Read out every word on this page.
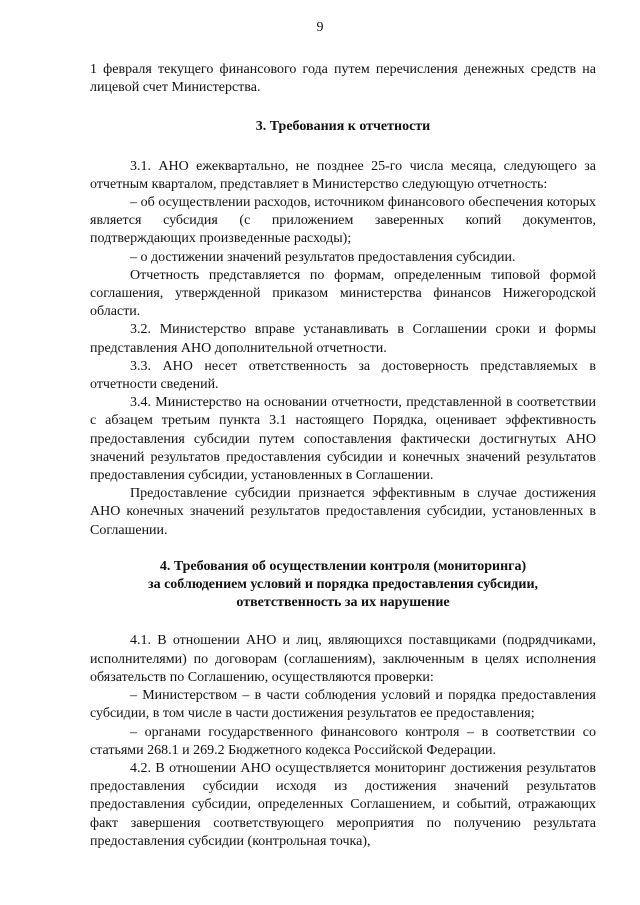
9

1 февраля текущего финансового года путем перечисления денежных средств на лицевой счет Министерства.

3. Требования к отчетности

3.1. АНО ежеквартально, не позднее 25-го числа месяца, следующего за отчетным кварталом, представляет в Министерство следующую отчетность:

– об осуществлении расходов, источником финансового обеспечения которых является субсидия (с приложением заверенных копий документов, подтверждающих произведенные расходы);

– о достижении значений результатов предоставления субсидии.

Отчетность представляется по формам, определенным типовой формой соглашения, утвержденной приказом министерства финансов Нижегородской области.

3.2. Министерство вправе устанавливать в Соглашении сроки и формы представления АНО дополнительной отчетности.

3.3. АНО несет ответственность за достоверность представляемых в отчетности сведений.

3.4. Министерство на основании отчетности, представленной в соответствии с абзацем третьим пункта 3.1 настоящего Порядка, оценивает эффективность предоставления субсидии путем сопоставления фактически достигнутых АНО значений результатов предоставления субсидии и конечных значений результатов предоставления субсидии, установленных в Соглашении.

Предоставление субсидии признается эффективным в случае достижения АНО конечных значений результатов предоставления субсидии, установленных в Соглашении.

4. Требования об осуществлении контроля (мониторинга)
за соблюдением условий и порядка предоставления субсидии,
ответственность за их нарушение

4.1. В отношении АНО и лиц, являющихся поставщиками (подрядчиками, исполнителями) по договорам (соглашениям), заключенным в целях исполнения обязательств по Соглашению, осуществляются проверки:

– Министерством – в части соблюдения условий и порядка предоставления субсидии, в том числе в части достижения результатов ее предоставления;

– органами государственного финансового контроля – в соответствии со статьями 268.1 и 269.2 Бюджетного кодекса Российской Федерации.

4.2. В отношении АНО осуществляется мониторинг достижения результатов предоставления субсидии исходя из достижения значений результатов предоставления субсидии, определенных Соглашением, и событий, отражающих факт завершения соответствующего мероприятия по получению результата предоставления субсидии (контрольная точка),
